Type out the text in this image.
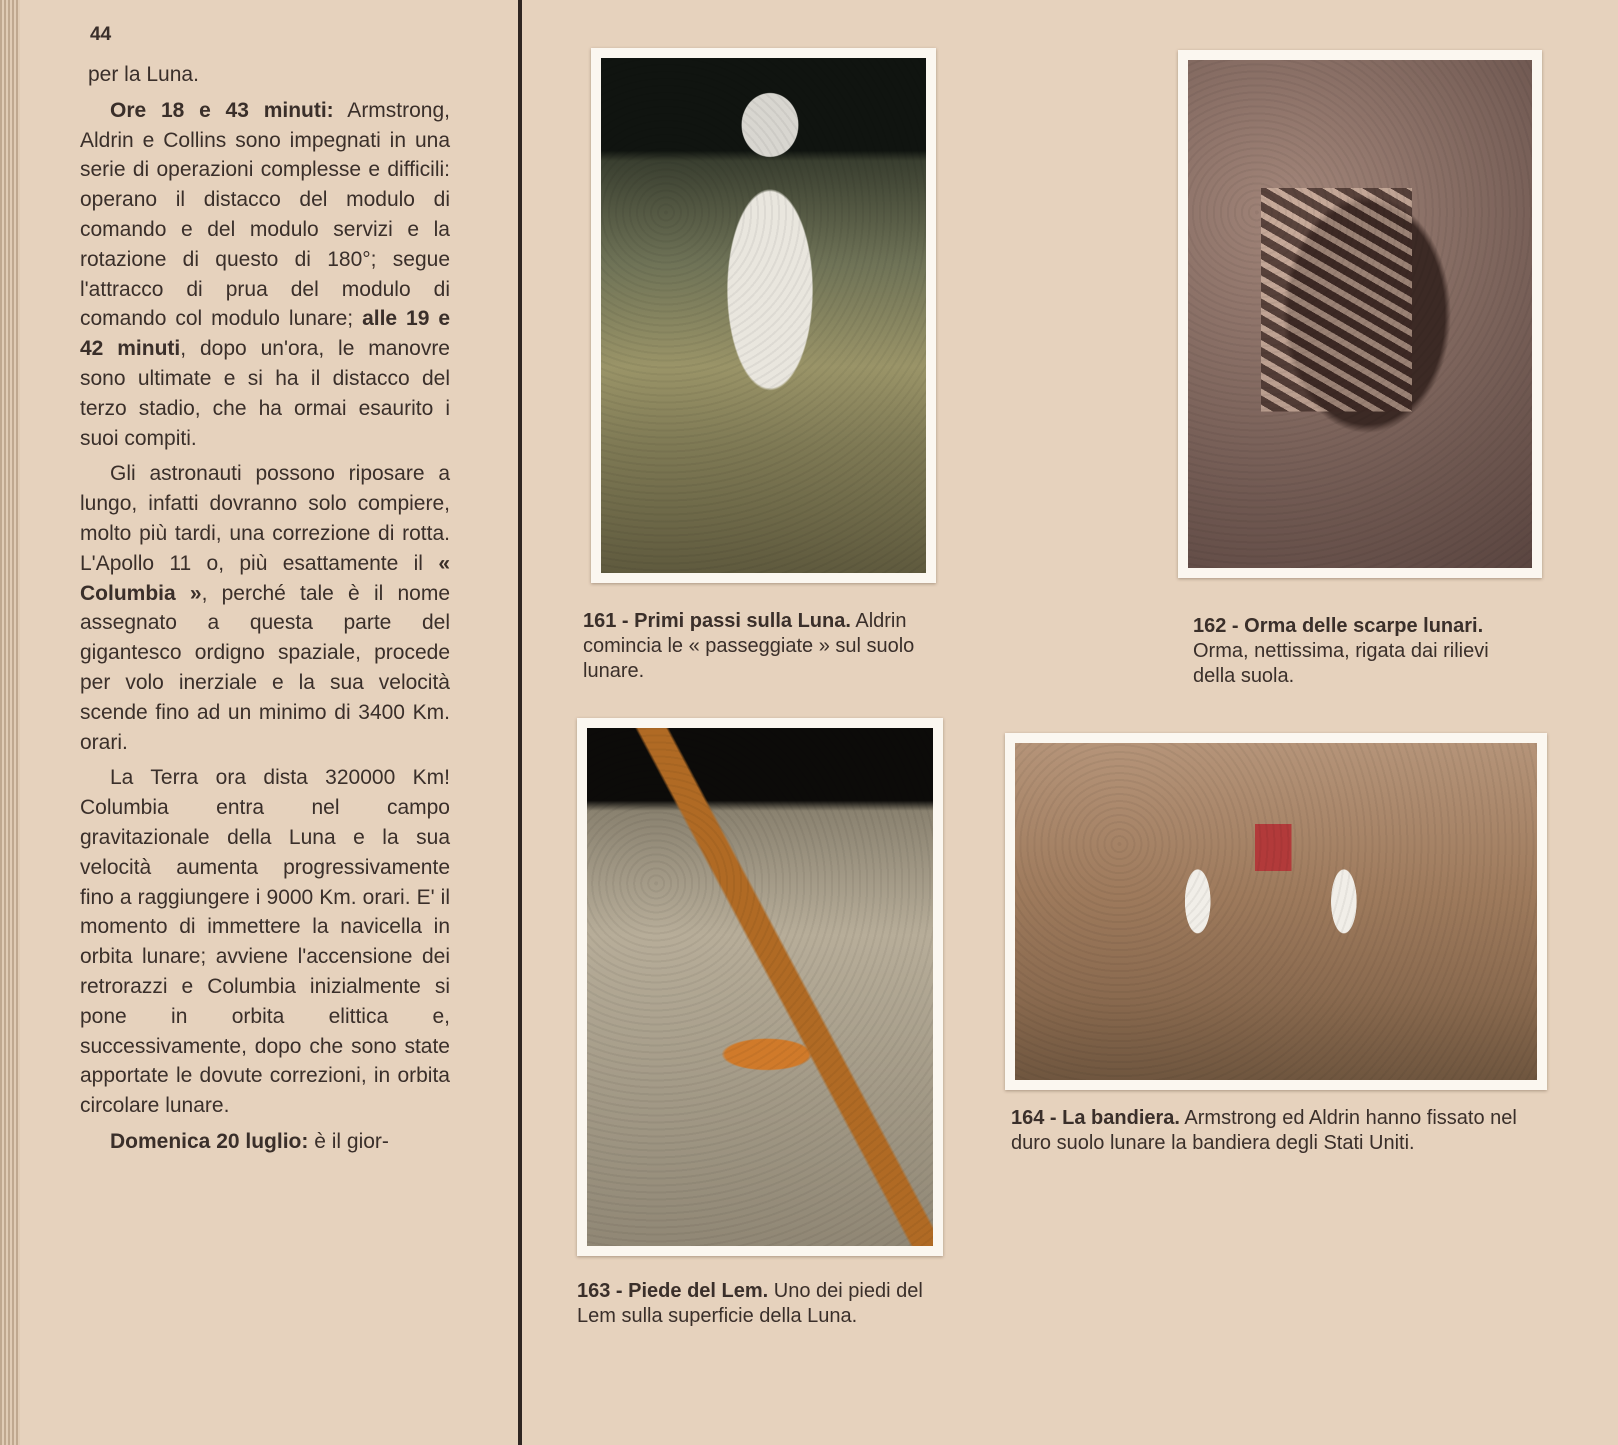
44

per la Luna.

Ore 18 e 43 minuti: Armstrong, Aldrin e Collins sono impegnati in una serie di operazioni complesse e difficili: operano il distacco del modulo di comando e del modulo servizi e la rotazione di questo di 180°; segue l'attracco di prua del modulo di comando col modulo lunare; alle 19 e 42 minuti, dopo un'ora, le manovre sono ultimate e si ha il distacco del terzo stadio, che ha ormai esaurito i suoi compiti.

Gli astronauti possono riposare a lungo, infatti dovranno solo compiere, molto più tardi, una correzione di rotta. L'Apollo 11 o, più esattamente il « Columbia », perché tale è il nome assegnato a questa parte del gigantesco ordigno spaziale, procede per volo inerziale e la sua velocità scende fino ad un minimo di 3400 Km. orari.

La Terra ora dista 320000 Km! Columbia entra nel campo gravitazionale della Luna e la sua velocità aumenta progressivamente fino a raggiungere i 9000 Km. orari. E' il momento di immettere la navicella in orbita lunare; avviene l'accensione dei retrorazzi e Columbia inizialmente si pone in orbita elittica e, successivamente, dopo che sono state apportate le dovute correzioni, in orbita circolare lunare.

Domenica 20 luglio: è il gior-

161 - Primi passi sulla Luna. Aldrin comincia le « passeggiate » sul suolo lunare.
162 - Orma delle scarpe lunari. Orma, nettissima, rigata dai rilievi della suola.
163 - Piede del Lem. Uno dei piedi del Lem sulla superficie della Luna.
164 - La bandiera. Armstrong ed Aldrin hanno fissato nel duro suolo lunare la bandiera degli Stati Uniti.
